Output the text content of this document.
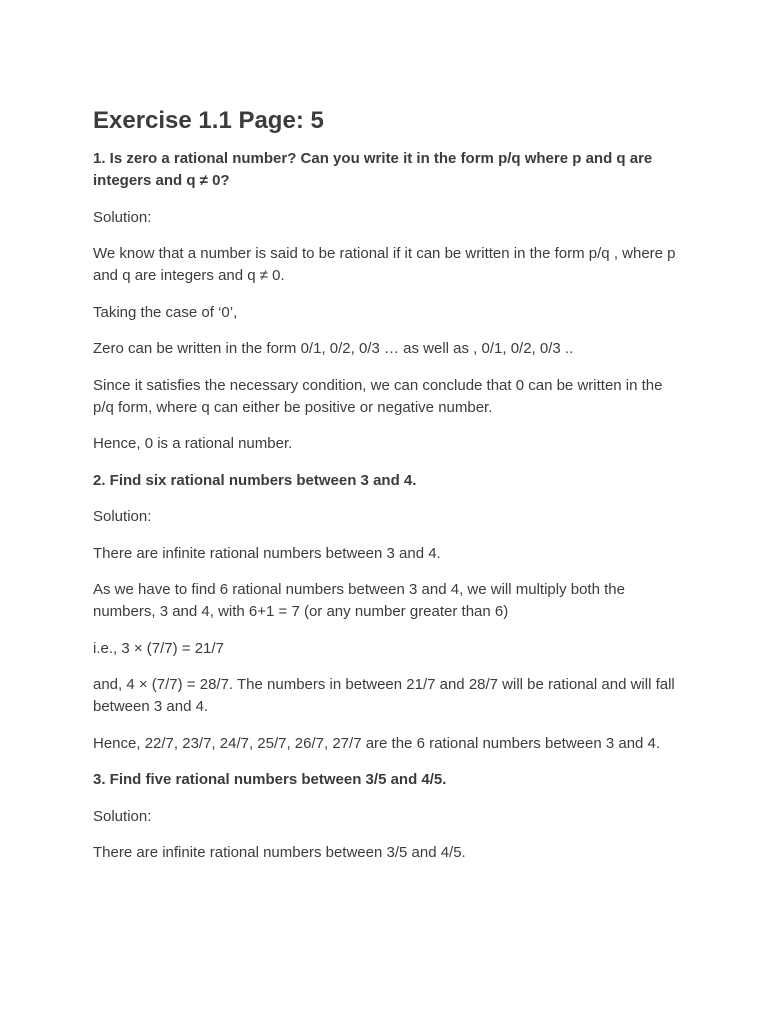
Exercise 1.1 Page: 5

1. Is zero a rational number? Can you write it in the form p/q where p and q are integers and q ≠ 0?

Solution:

We know that a number is said to be rational if it can be written in the form p/q , where p and q are integers and q ≠ 0.

Taking the case of ‘0’,

Zero can be written in the form 0/1, 0/2, 0/3 … as well as , 0/1, 0/2, 0/3 ..

Since it satisfies the necessary condition, we can conclude that 0 can be written in the p/q form, where q can either be positive or negative number.

Hence, 0 is a rational number.

2. Find six rational numbers between 3 and 4.

Solution:

There are infinite rational numbers between 3 and 4.

As we have to find 6 rational numbers between 3 and 4, we will multiply both the numbers, 3 and 4, with 6+1 = 7 (or any number greater than 6)

i.e., 3 × (7/7) = 21/7

and, 4 × (7/7) = 28/7. The numbers in between 21/7 and 28/7 will be rational and will fall between 3 and 4.

Hence, 22/7, 23/7, 24/7, 25/7, 26/7, 27/7 are the 6 rational numbers between 3 and 4.

3. Find five rational numbers between 3/5 and 4/5.

Solution:

There are infinite rational numbers between 3/5 and 4/5.
